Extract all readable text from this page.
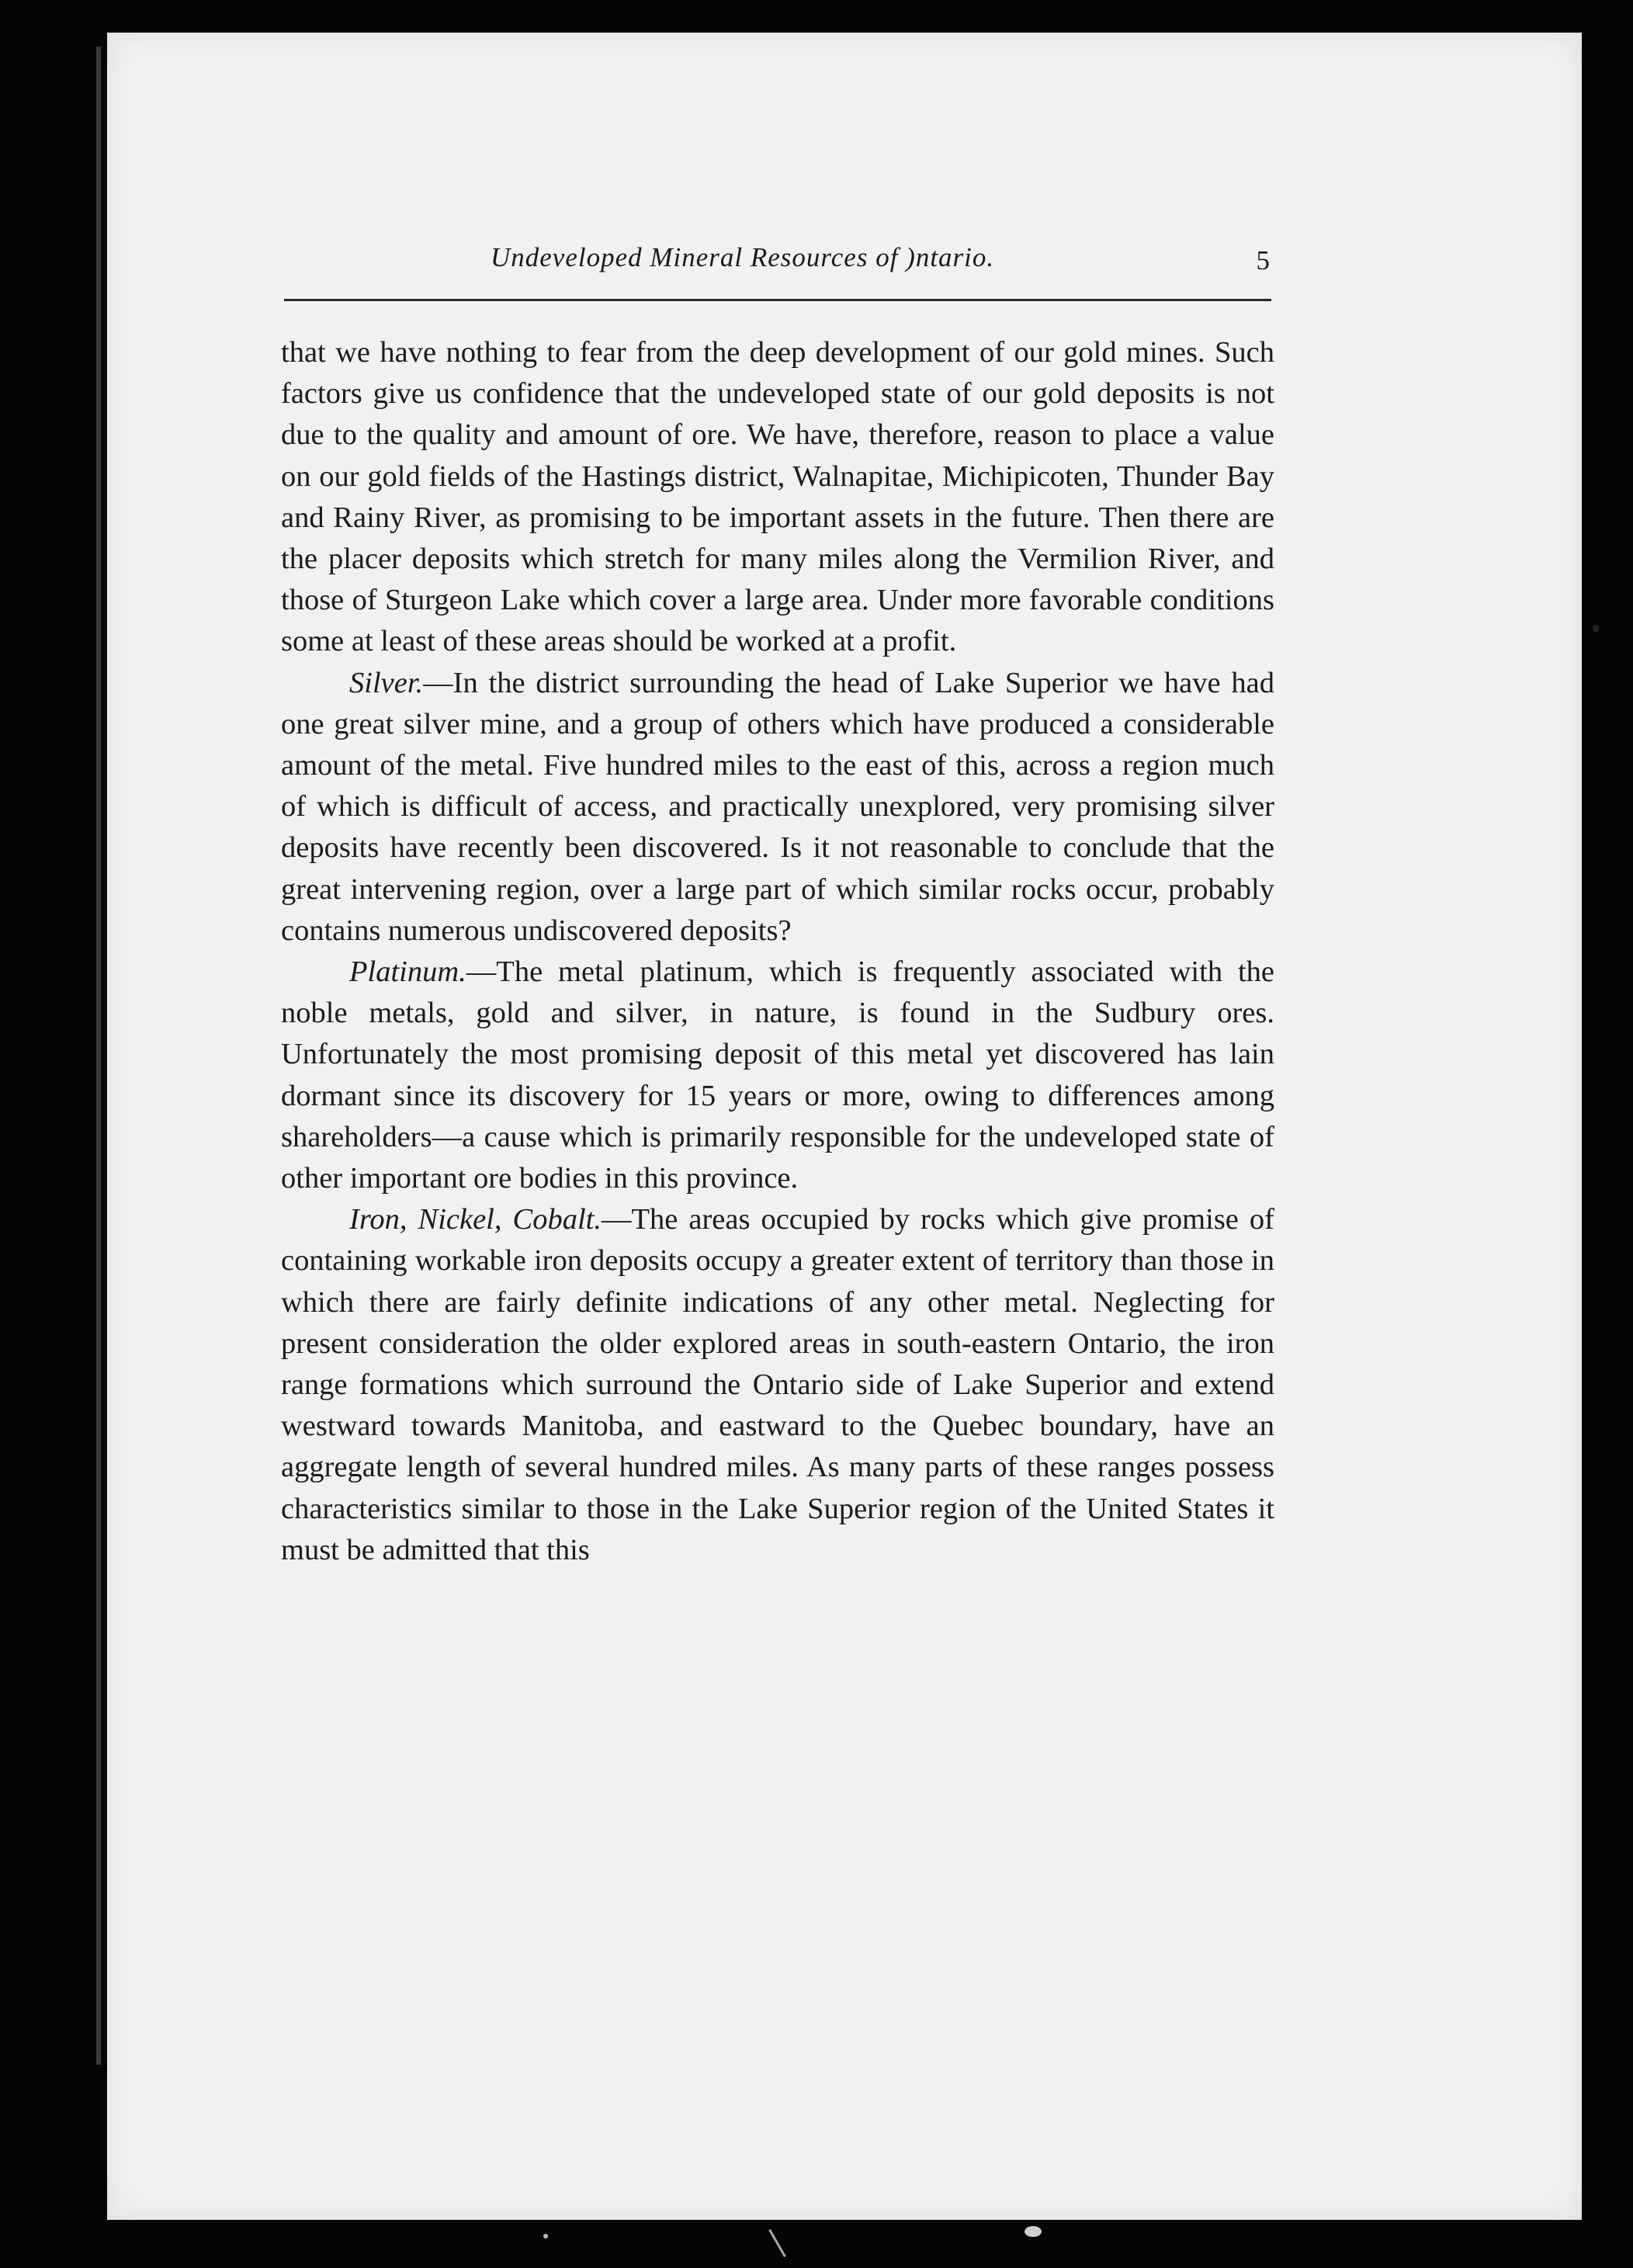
Undeveloped Mineral Resources of )ntario.	5

that we have nothing to fear from the deep development of our gold mines. Such factors give us confidence that the undeveloped state of our gold deposits is not due to the quality and amount of ore. We have, therefore, reason to place a value on our gold fields of the Hastings district, Walnapitae, Michipicoten, Thunder Bay and Rainy River, as promising to be important assets in the future. Then there are the placer deposits which stretch for many miles along the Vermilion River, and those of Sturgeon Lake which cover a large area. Under more favorable conditions some at least of these areas should be worked at a profit.

Silver.—In the district surrounding the head of Lake Superior we have had one great silver mine, and a group of others which have produced a considerable amount of the metal. Five hundred miles to the east of this, across a region much of which is difficult of access, and practically unexplored, very promising silver deposits have recently been discovered. Is it not reasonable to conclude that the great intervening region, over a large part of which similar rocks occur, probably contains numerous undiscovered deposits?

Platinum.—The metal platinum, which is frequently associated with the noble metals, gold and silver, in nature, is found in the Sudbury ores. Unfortunately the most promising deposit of this metal yet discovered has lain dormant since its discovery for 15 years or more, owing to differences among shareholders—a cause which is primarily responsible for the undeveloped state of other important ore bodies in this province.

Iron, Nickel, Cobalt.—The areas occupied by rocks which give promise of containing workable iron deposits occupy a greater extent of territory than those in which there are fairly definite indications of any other metal. Neglecting for present consideration the older explored areas in south-eastern Ontario, the iron range formations which surround the Ontario side of Lake Superior and extend westward towards Manitoba, and eastward to the Quebec boundary, have an aggregate length of several hundred miles. As many parts of these ranges possess characteristics similar to those in the Lake Superior region of the United States it must be admitted that this
